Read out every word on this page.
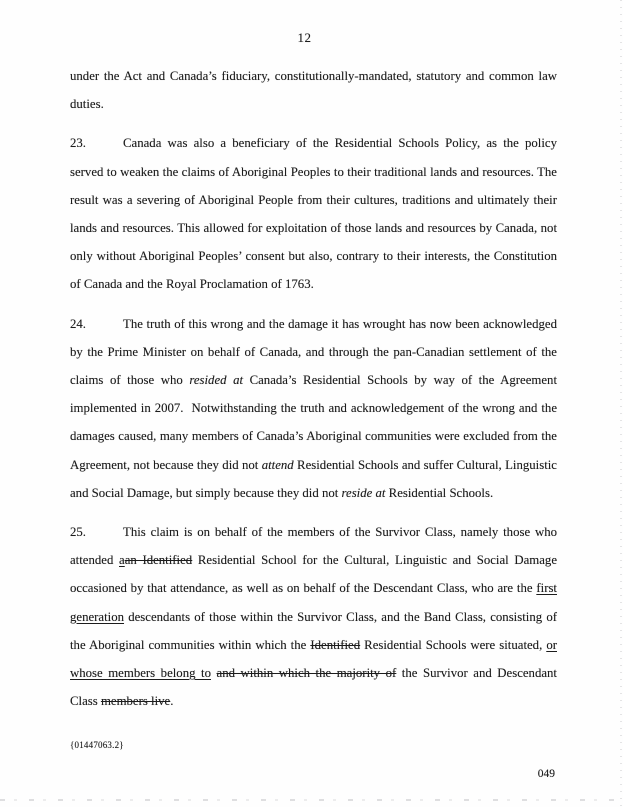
12

under the Act and Canada’s fiduciary, constitutionally-mandated, statutory and common law duties.

23.	Canada was also a beneficiary of the Residential Schools Policy, as the policy served to weaken the claims of Aboriginal Peoples to their traditional lands and resources. The result was a severing of Aboriginal People from their cultures, traditions and ultimately their lands and resources. This allowed for exploitation of those lands and resources by Canada, not only without Aboriginal Peoples’ consent but also, contrary to their interests, the Constitution of Canada and the Royal Proclamation of 1763.

24.	The truth of this wrong and the damage it has wrought has now been acknowledged by the Prime Minister on behalf of Canada, and through the pan-Canadian settlement of the claims of those who resided at Canada’s Residential Schools by way of the Agreement implemented in 2007.  Notwithstanding the truth and acknowledgement of the wrong and the damages caused, many members of Canada’s Aboriginal communities were excluded from the Agreement, not because they did not attend Residential Schools and suffer Cultural, Linguistic and Social Damage, but simply because they did not reside at Residential Schools.

25.	This claim is on behalf of the members of the Survivor Class, namely those who attended aan Identified Residential School for the Cultural, Linguistic and Social Damage occasioned by that attendance, as well as on behalf of the Descendant Class, who are the first generation descendants of those within the Survivor Class, and the Band Class, consisting of the Aboriginal communities within which the Identified Residential Schools were situated, or whose members belong to and within which the majority of the Survivor and Descendant Class members live.

{01447063.2}
049
